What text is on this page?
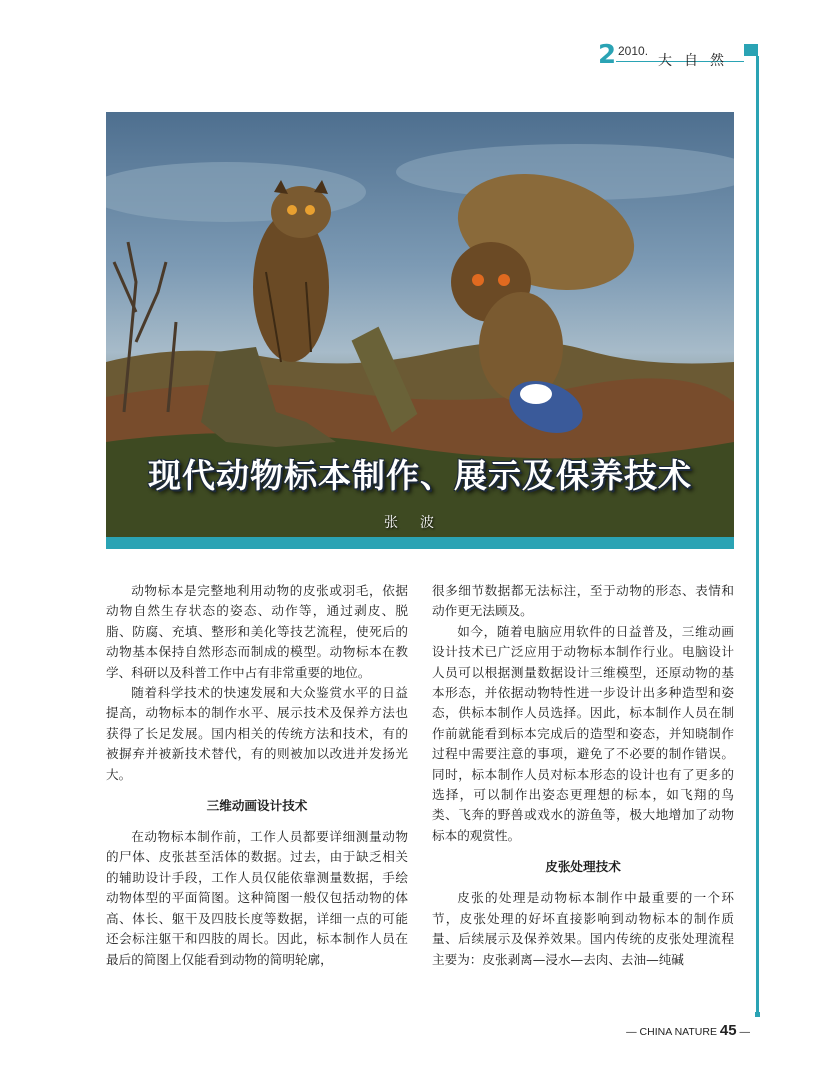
2 2010.
大自然
现代动物标本制作、展示及保养技术
张波

动物标本是完整地利用动物的皮张或羽毛，依据动物自然生存状态的姿态、动作等，通过剥皮、脱脂、防腐、充填、整形和美化等技艺流程，使死后的动物基本保持自然形态而制成的模型。动物标本在教学、科研以及科普工作中占有非常重要的地位。

随着科学技术的快速发展和大众鉴赏水平的日益提高，动物标本的制作水平、展示技术及保养方法也获得了长足发展。国内相关的传统方法和技术，有的被摒弃并被新技术替代，有的则被加以改进并发扬光大。

三维动画设计技术

在动物标本制作前，工作人员都要详细测量动物的尸体、皮张甚至活体的数据。过去，由于缺乏相关的辅助设计手段，工作人员仅能依靠测量数据，手绘动物体型的平面简图。这种简图一般仅包括动物的体高、体长、躯干及四肢长度等数据，详细一点的可能还会标注躯干和四肢的周长。因此，标本制作人员在最后的简图上仅能看到动物的简明轮廓，

很多细节数据都无法标注，至于动物的形态、表情和动作更无法顾及。

如今，随着电脑应用软件的日益普及，三维动画设计技术已广泛应用于动物标本制作行业。电脑设计人员可以根据测量数据设计三维模型，还原动物的基本形态，并依据动物特性进一步设计出多种造型和姿态，供标本制作人员选择。因此，标本制作人员在制作前就能看到标本完成后的造型和姿态，并知晓制作过程中需要注意的事项，避免了不必要的制作错误。同时，标本制作人员对标本形态的设计也有了更多的选择，可以制作出姿态更理想的标本，如飞翔的鸟类、飞奔的野兽或戏水的游鱼等，极大地增加了动物标本的观赏性。

皮张处理技术

皮张的处理是动物标本制作中最重要的一个环节，皮张处理的好坏直接影响到动物标本的制作质量、后续展示及保养效果。国内传统的皮张处理流程主要为：皮张剥离—浸水—去肉、去油—纯碱

— CHINA NATURE 45 —
